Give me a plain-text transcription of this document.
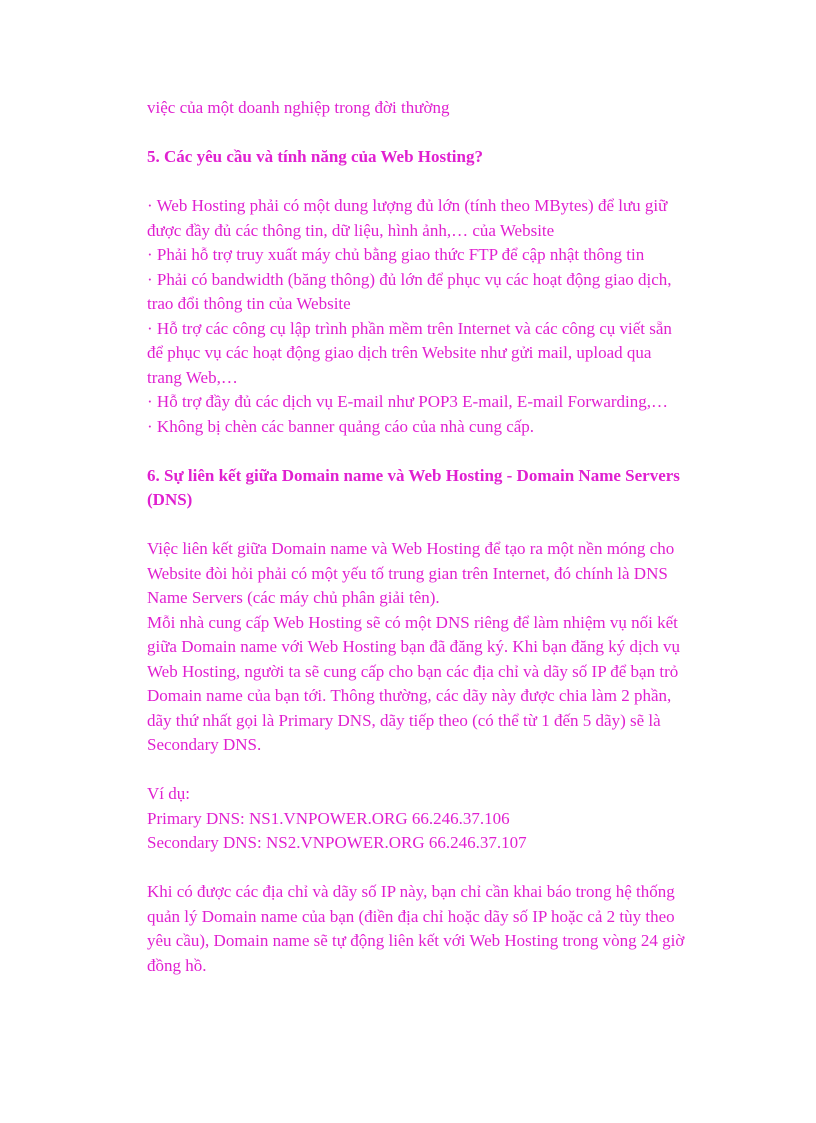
việc của một doanh nghiệp trong đời thường

5. Các yêu cầu và tính năng của Web Hosting?

· Web Hosting phải có một dung lượng đủ lớn (tính theo MBytes) để lưu giữ được đầy đủ các thông tin, dữ liệu, hình ảnh,… của Website

· Phải hỗ trợ truy xuất máy chủ bằng giao thức FTP để cập nhật thông tin

· Phải có bandwidth (băng thông) đủ lớn để phục vụ các hoạt động giao dịch, trao đổi thông tin của Website

· Hỗ trợ các công cụ lập trình phần mềm trên Internet và các công cụ viết sẵn để phục vụ các hoạt động giao dịch trên Website như gửi mail, upload qua trang Web,…

· Hỗ trợ đầy đủ các dịch vụ E-mail như POP3 E-mail, E-mail Forwarding,…

· Không bị chèn các banner quảng cáo của nhà cung cấp.

6. Sự liên kết giữa Domain name và Web Hosting - Domain Name Servers (DNS)

Việc liên kết giữa Domain name và Web Hosting để tạo ra một nền móng cho Website đòi hỏi phải có một yếu tố trung gian trên Internet, đó chính là DNS Name Servers (các máy chủ phân giải tên).

Mỗi nhà cung cấp Web Hosting sẽ có một DNS riêng để làm nhiệm vụ nối kết giữa Domain name với Web Hosting bạn đã đăng ký. Khi bạn đăng ký dịch vụ Web Hosting, người ta sẽ cung cấp cho bạn các địa chỉ và dãy số IP để bạn trỏ Domain name của bạn tới. Thông thường, các dãy này được chia làm 2 phần, dãy thứ nhất gọi là Primary DNS, dãy tiếp theo (có thể từ 1 đến 5 dãy) sẽ là Secondary DNS.

Ví dụ:

Primary DNS: NS1.VNPOWER.ORG 66.246.37.106

Secondary DNS: NS2.VNPOWER.ORG 66.246.37.107

Khi có được các địa chỉ và dãy số IP này, bạn chỉ cần khai báo trong hệ thống quản lý Domain name của bạn (điền địa chỉ hoặc dãy số IP hoặc cả 2 tùy theo yêu cầu), Domain name sẽ tự động liên kết với Web Hosting trong vòng 24 giờ đồng hồ.
